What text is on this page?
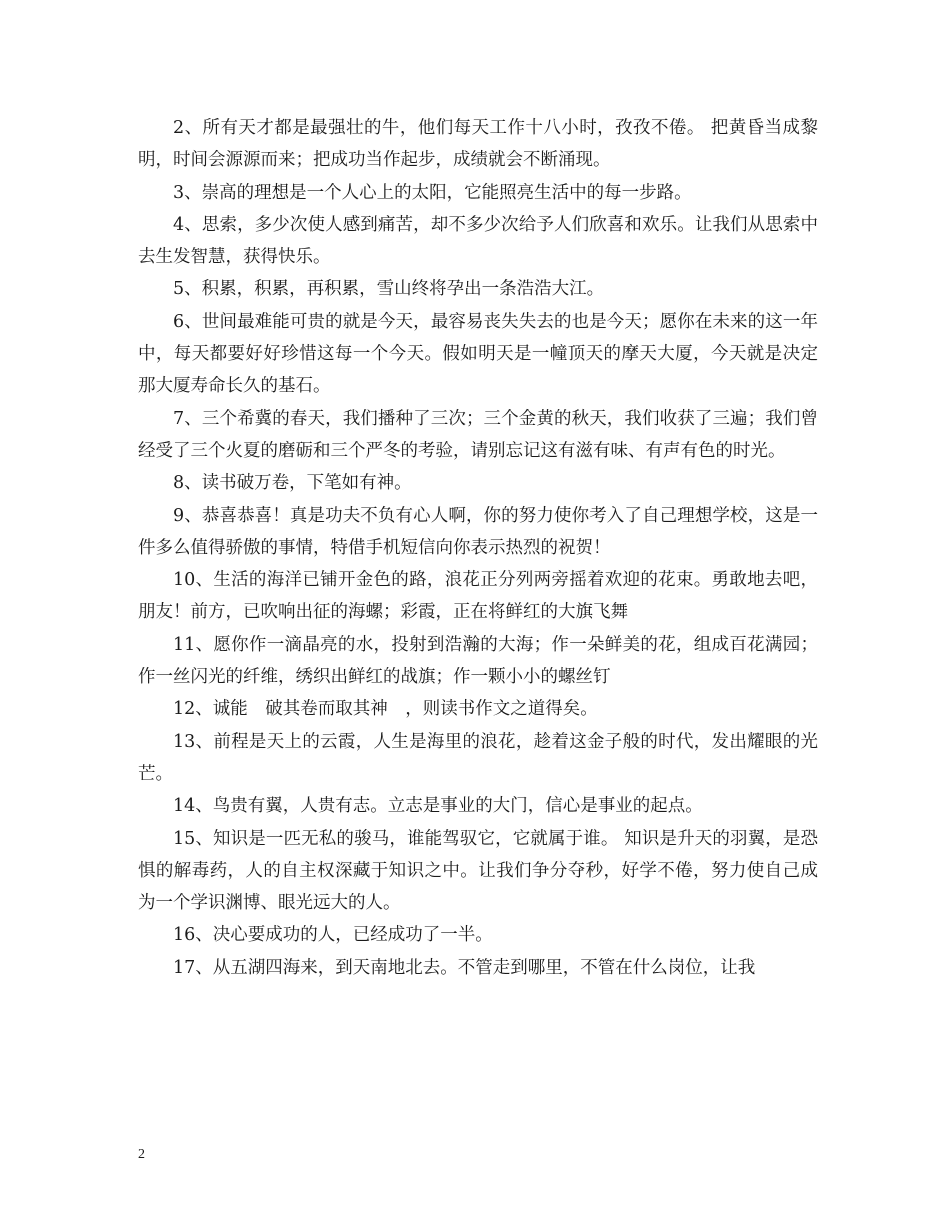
2、所有天才都是最强壮的牛，他们每天工作十八小时，孜孜不倦。 把黄昏当成黎明，时间会源源而来；把成功当作起步，成绩就会不断涌现。

3、崇高的理想是一个人心上的太阳，它能照亮生活中的每一步路。

4、思索，多少次使人感到痛苦，却不多少次给予人们欣喜和欢乐。让我们从思索中去生发智慧，获得快乐。

5、积累，积累，再积累，雪山终将孕出一条浩浩大江。

6、世间最难能可贵的就是今天，最容易丧失失去的也是今天；愿你在未来的这一年中，每天都要好好珍惜这每一个今天。假如明天是一幢顶天的摩天大厦，今天就是决定那大厦寿命长久的基石。

7、三个希冀的春天，我们播种了三次；三个金黄的秋天，我们收获了三遍；我们曾经受了三个火夏的磨砺和三个严冬的考验，请别忘记这有滋有味、有声有色的时光。

8、读书破万卷，下笔如有神。

9、恭喜恭喜！真是功夫不负有心人啊，你的努力使你考入了自己理想学校，这是一件多么值得骄傲的事情，特借手机短信向你表示热烈的祝贺！

10、生活的海洋已铺开金色的路，浪花正分列两旁摇着欢迎的花束。勇敢地去吧，朋友！前方，已吹响出征的海螺；彩霞，正在将鲜红的大旗飞舞

11、愿你作一滴晶亮的水，投射到浩瀚的大海；作一朵鲜美的花，组成百花满园；作一丝闪光的纤维，绣织出鲜红的战旗；作一颗小小的螺丝钉

12、诚能　破其卷而取其神　，则读书作文之道得矣。

13、前程是天上的云霞，人生是海里的浪花，趁着这金子般的时代，发出耀眼的光芒。

14、鸟贵有翼，人贵有志。立志是事业的大门，信心是事业的起点。

15、知识是一匹无私的骏马，谁能驾驭它，它就属于谁。 知识是升天的羽翼，是恐惧的解毒药，人的自主权深藏于知识之中。让我们争分夺秒，好学不倦，努力使自己成为一个学识渊博、眼光远大的人。

16、决心要成功的人，已经成功了一半。

17、从五湖四海来，到天南地北去。不管走到哪里，不管在什么岗位，让我

2
